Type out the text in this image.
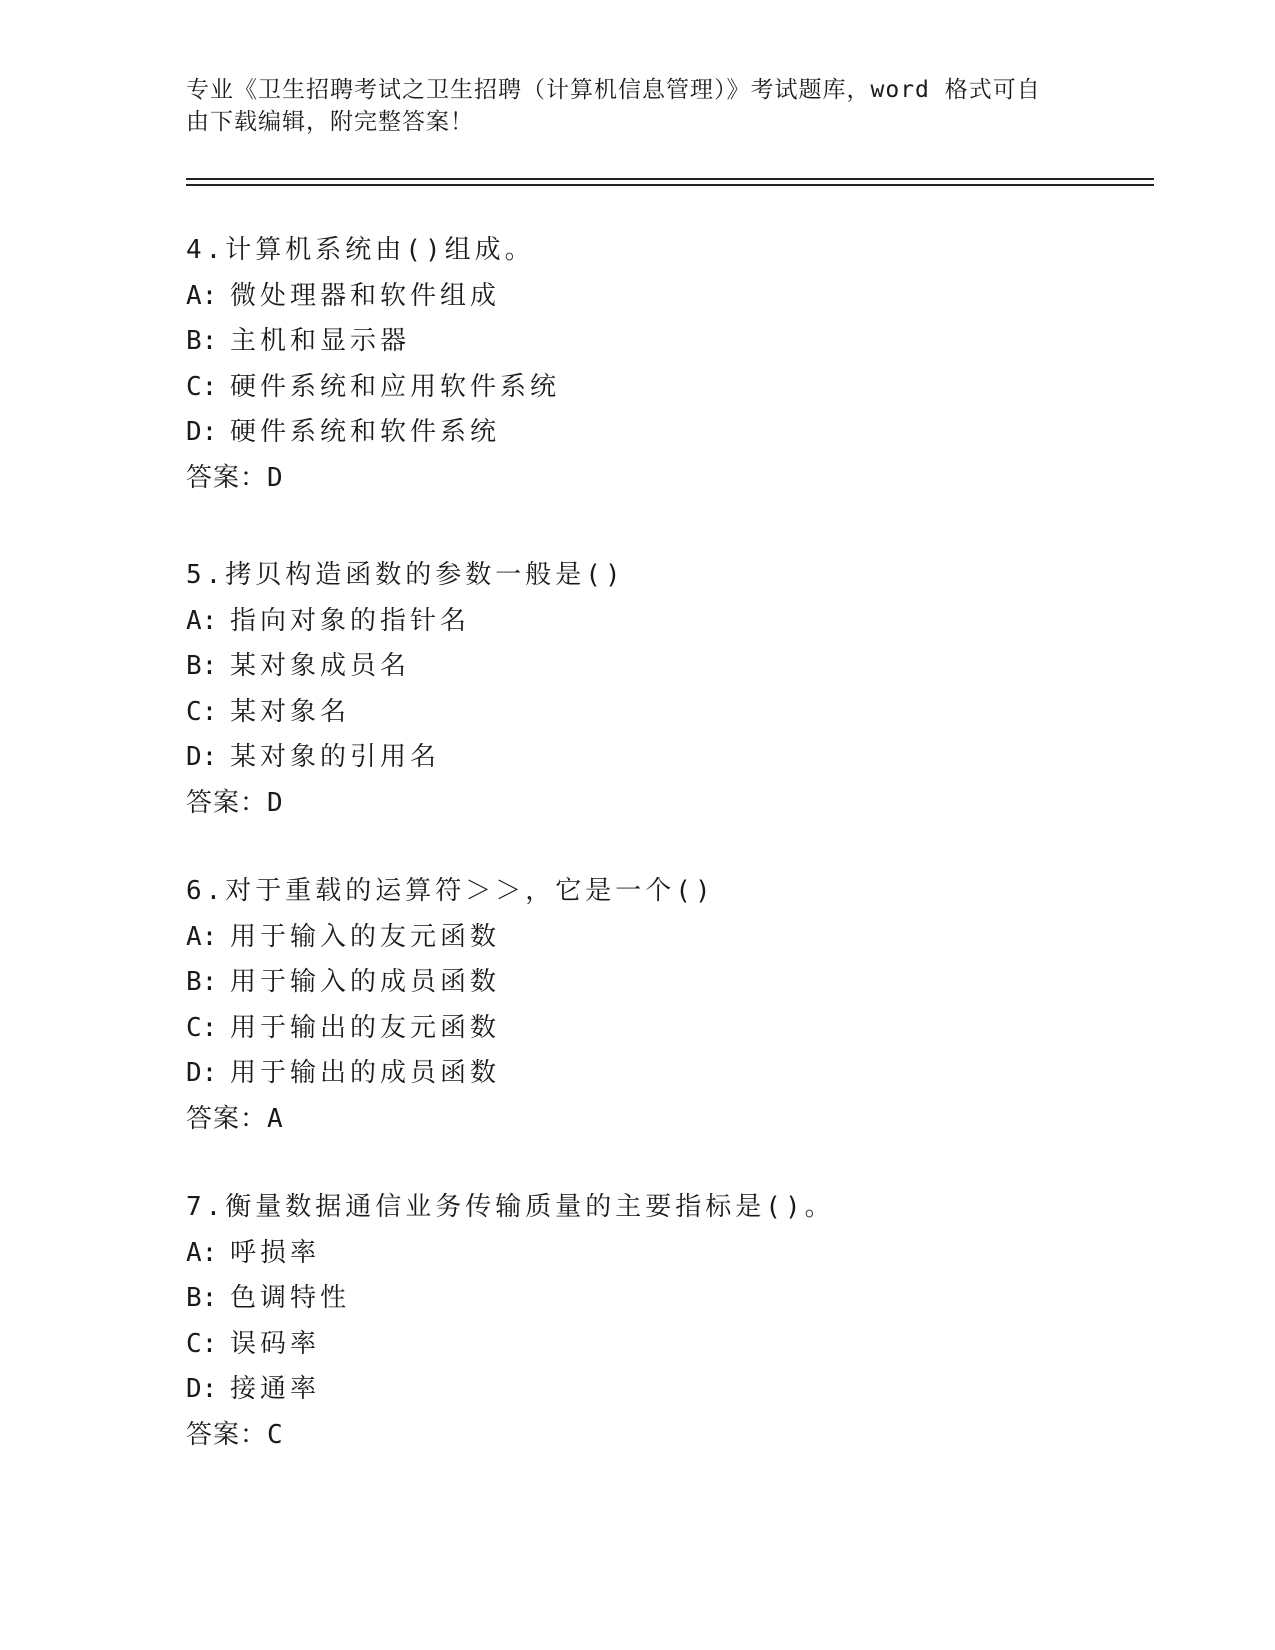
专业《卫生招聘考试之卫生招聘（计算机信息管理）》考试题库，word 格式可自
由下载编辑，附完整答案！
4.计算机系统由()组成。
A: 微处理器和软件组成
B: 主机和显示器
C: 硬件系统和应用软件系统
D: 硬件系统和软件系统
答案：D
5.拷贝构造函数的参数一般是()
A: 指向对象的指针名
B: 某对象成员名
C: 某对象名
D: 某对象的引用名
答案：D
6.对于重载的运算符＞＞，它是一个()
A: 用于输入的友元函数
B: 用于输入的成员函数
C: 用于输出的友元函数
D: 用于输出的成员函数
答案：A
7.衡量数据通信业务传输质量的主要指标是()。
A: 呼损率
B: 色调特性
C: 误码率
D: 接通率
答案：C
